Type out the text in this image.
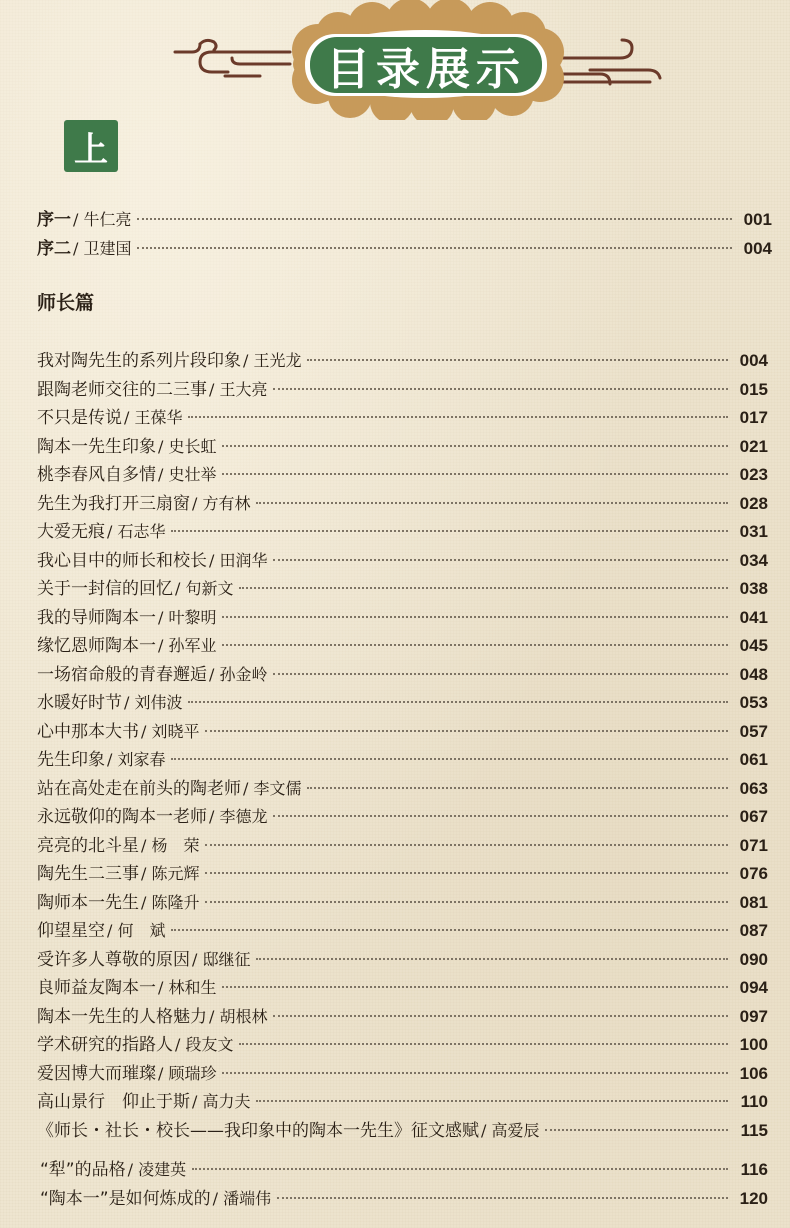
目录展示
上
序一 / 牛仁亮	001
序二 / 卫建国	004
师长篇
我对陶先生的系列片段印象 / 王光龙	004
跟陶老师交往的二三事 / 王大亮	015
不只是传说 / 王葆华	017
陶本一先生印象 / 史长虹	021
桃李春风自多情 / 史壮举	023
先生为我打开三扇窗 / 方有林	028
大爱无痕 / 石志华	031
我心目中的师长和校长 / 田润华	034
关于一封信的回忆 / 句新文	038
我的导师陶本一 / 叶黎明	041
缘忆恩师陶本一 / 孙军业	045
一场宿命般的青春邂逅 / 孙金岭	048
水暖好时节 / 刘伟波	053
心中那本大书 / 刘晓平	057
先生印象 / 刘家春	061
站在高处走在前头的陶老师 / 李文儒	063
永远敬仰的陶本一老师 / 李德龙	067
亮亮的北斗星 / 杨　荣	071
陶先生二三事 / 陈元辉	076
陶师本一先生 / 陈隆升	081
仰望星空 / 何　斌	087
受许多人尊敬的原因 / 邸继征	090
良师益友陶本一 / 林和生	094
陶本一先生的人格魅力 / 胡根林	097
学术研究的指路人 / 段友文	100
爱因博大而璀璨 / 顾瑞珍	106
高山景行　仰止于斯 / 高力夫	110
《师长・社长・校长——我印象中的陶本一先生》征文感赋 / 高爱辰	115
“犁”的品格 / 凌建英	116
“陶本一”是如何炼成的 / 潘端伟	120
